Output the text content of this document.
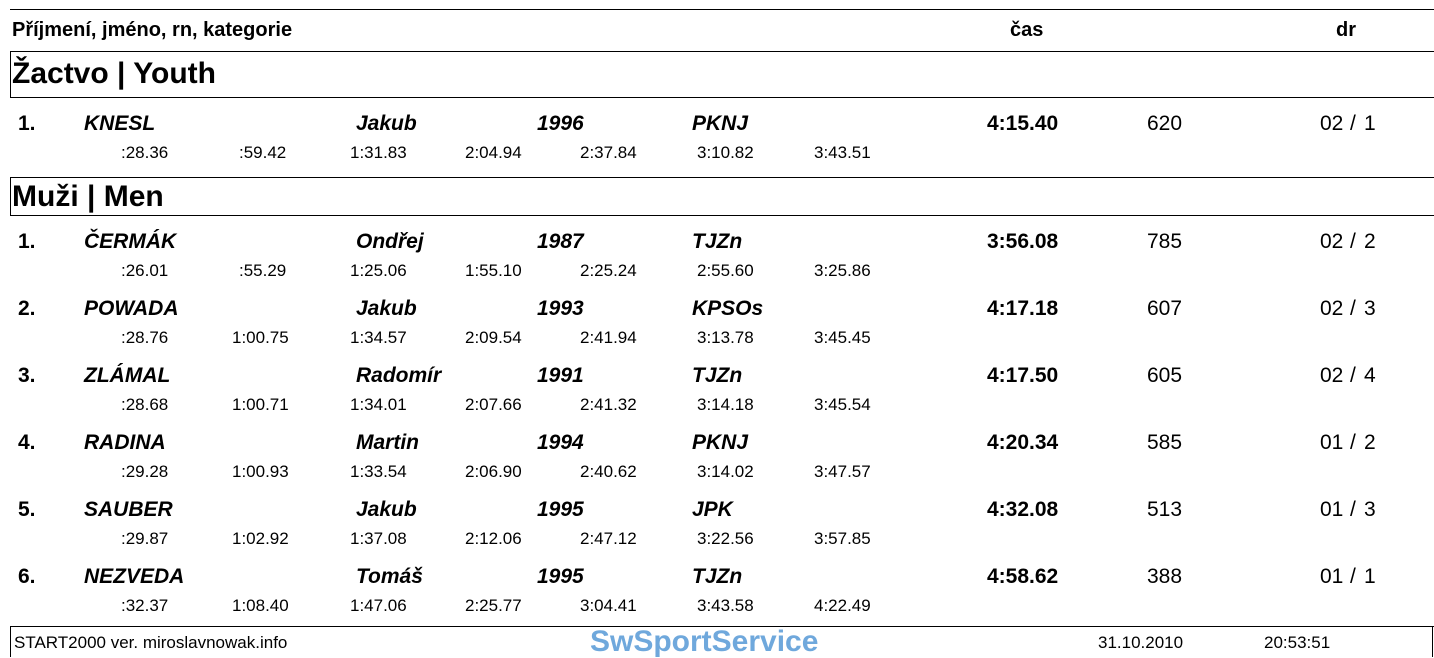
Příjmení, jméno, rn, kategorie	čas	dr
Žactvo | Youth
1. KNESL	Jakub	1996	PKNJ	4:15.40	620	02 / 1
:28.36	:59.42	1:31.83	2:04.94	2:37.84	3:10.82	3:43.51
Muži | Men
1. ČERMÁK	Ondřej	1987	TJZn	3:56.08	785	02 / 2
:26.01	:55.29	1:25.06	1:55.10	2:25.24	2:55.60	3:25.86
2. POWADA	Jakub	1993	KPSOs	4:17.18	607	02 / 3
:28.76	1:00.75	1:34.57	2:09.54	2:41.94	3:13.78	3:45.45
3. ZLÁMAL	Radomír	1991	TJZn	4:17.50	605	02 / 4
:28.68	1:00.71	1:34.01	2:07.66	2:41.32	3:14.18	3:45.54
4. RADINA	Martin	1994	PKNJ	4:20.34	585	01 / 2
:29.28	1:00.93	1:33.54	2:06.90	2:40.62	3:14.02	3:47.57
5. SAUBER	Jakub	1995	JPK	4:32.08	513	01 / 3
:29.87	1:02.92	1:37.08	2:12.06	2:47.12	3:22.56	3:57.85
6. NEZVEDA	Tomáš	1995	TJZn	4:58.62	388	01 / 1
:32.37	1:08.40	1:47.06	2:25.77	3:04.41	3:43.58	4:22.49
START2000 ver. miroslavnowak.info	SwSportService	31.10.2010	20:53:51
